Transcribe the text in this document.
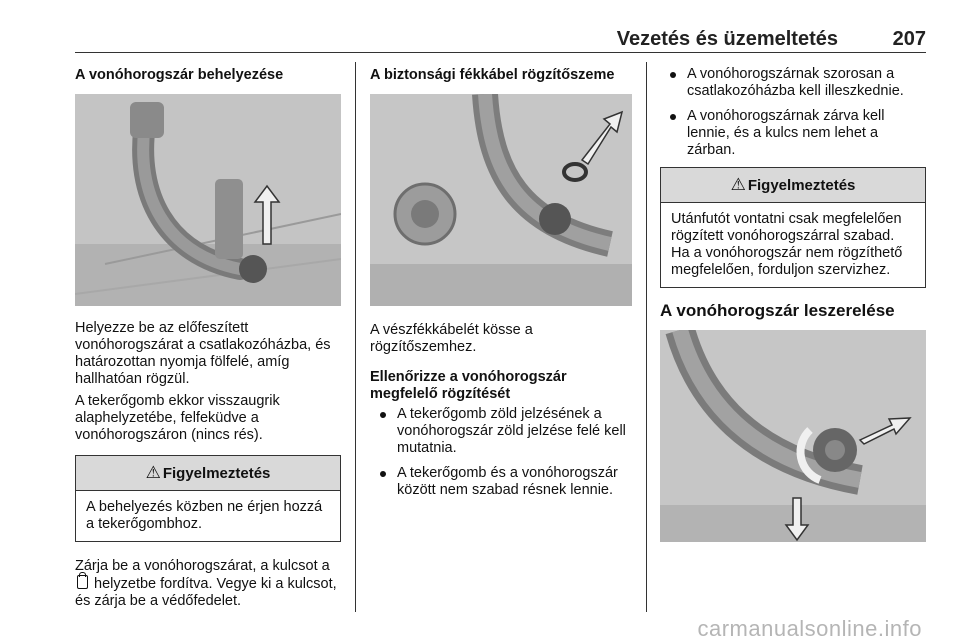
Vezetés és üzemeltetés	207
A vonóhorogszár behelyezése

Helyezze be az előfeszített vonóhorogszárat a csatlakozóházba, és határozottan nyomja fölfelé, amíg hallhatóan rögzül.

A tekerőgomb ekkor visszaugrik alaphelyzetébe, felfeküdve a vonóhorogszáron (nincs rés).

⚠ Figyelmeztetés
A behelyezés közben ne érjen hozzá a tekerőgombhoz.

Zárja be a vonóhorogszárat, a kulcsot a  helyzetbe fordítva. Vegye ki a kulcsot, és zárja be a védőfedelet.

A biztonsági fékkábel rögzítőszeme

A vészfékkábelét kösse a rögzítőszemhez.

Ellenőrizze a vonóhorogszár megfelelő rögzítését
A tekerőgomb zöld jelzésének a vonóhorogszár zöld jelzése felé kell mutatnia.
A tekerőgomb és a vonóhorogszár között nem szabad résnek lennie.
A vonóhorogszárnak szorosan a csatlakozóházba kell illeszkednie.
A vonóhorogszárnak zárva kell lennie, és a kulcs nem lehet a zárban.
⚠ Figyelmeztetés
Utánfutót vontatni csak megfelelően rögzített vonóhorogszárral szabad. Ha a vonóhorogszár nem rögzíthető megfelelően, forduljon szervizhez.
A vonóhorogszár leszerelése
carmanualsonline.info
